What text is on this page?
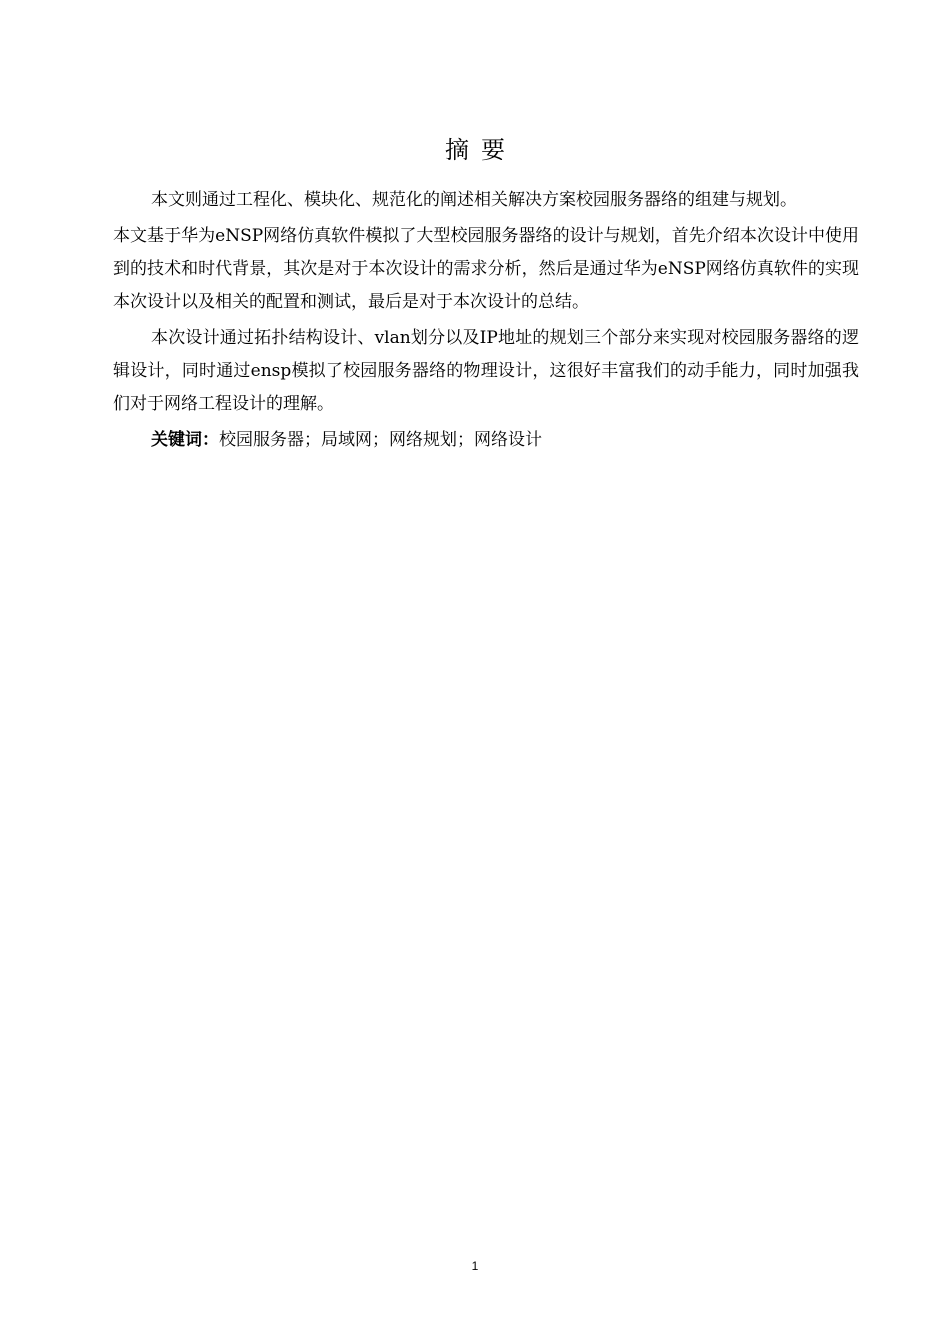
摘 要

本文则通过工程化、模块化、规范化的阐述相关解决方案校园服务器络的组建与规划。

本文基于华为eNSP网络仿真软件模拟了大型校园服务器络的设计与规划，首先介绍本次设计中使用到的技术和时代背景，其次是对于本次设计的需求分析，然后是通过华为eNSP网络仿真软件的实现本次设计以及相关的配置和测试，最后是对于本次设计的总结。

本次设计通过拓扑结构设计、vlan划分以及IP地址的规划三个部分来实现对校园服务器络的逻辑设计，同时通过ensp模拟了校园服务器络的物理设计，这很好丰富我们的动手能力，同时加强我们对于网络工程设计的理解。

关键词：校园服务器；局域网；网络规划；网络设计

1
